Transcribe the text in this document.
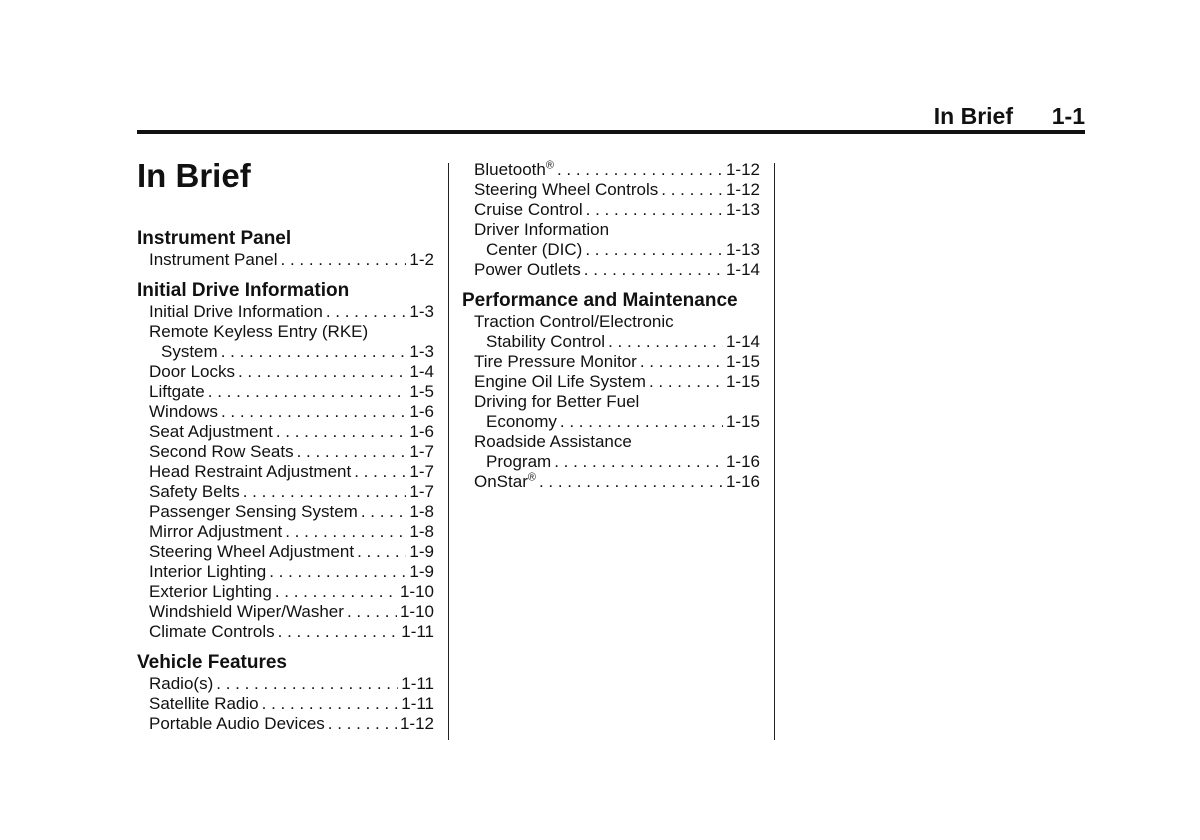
In Brief 1-1
In Brief
Instrument Panel
Instrument Panel . . .	1-2
Initial Drive Information
Initial Drive Information . . .	1-3
Remote Keyless Entry (RKE)
System . . .	1-3
Door Locks . . .	1-4
Liftgate . . .	1-5
Windows . . .	1-6
Seat Adjustment . . .	1-6
Second Row Seats . . .	1-7
Head Restraint Adjustment . . .	1-7
Safety Belts . . .	1-7
Passenger Sensing System . . .	1-8
Mirror Adjustment . . .	1-8
Steering Wheel Adjustment . . .	1-9
Interior Lighting . . .	1-9
Exterior Lighting . . .	1-10
Windshield Wiper/Washer . . .	1-10
Climate Controls . . .	1-11
Vehicle Features
Radio(s) . . .	1-11
Satellite Radio . . .	1-11
Portable Audio Devices . . .	1-12
Bluetooth® . . .	1-12
Steering Wheel Controls . . .	1-12
Cruise Control . . .	1-13
Driver Information
Center (DIC) . . .	1-13
Power Outlets . . .	1-14
Performance and Maintenance
Traction Control/Electronic
Stability Control . . .	1-14
Tire Pressure Monitor . . .	1-15
Engine Oil Life System . . .	1-15
Driving for Better Fuel
Economy . . .	1-15
Roadside Assistance
Program . . .	1-16
OnStar® . . .	1-16
